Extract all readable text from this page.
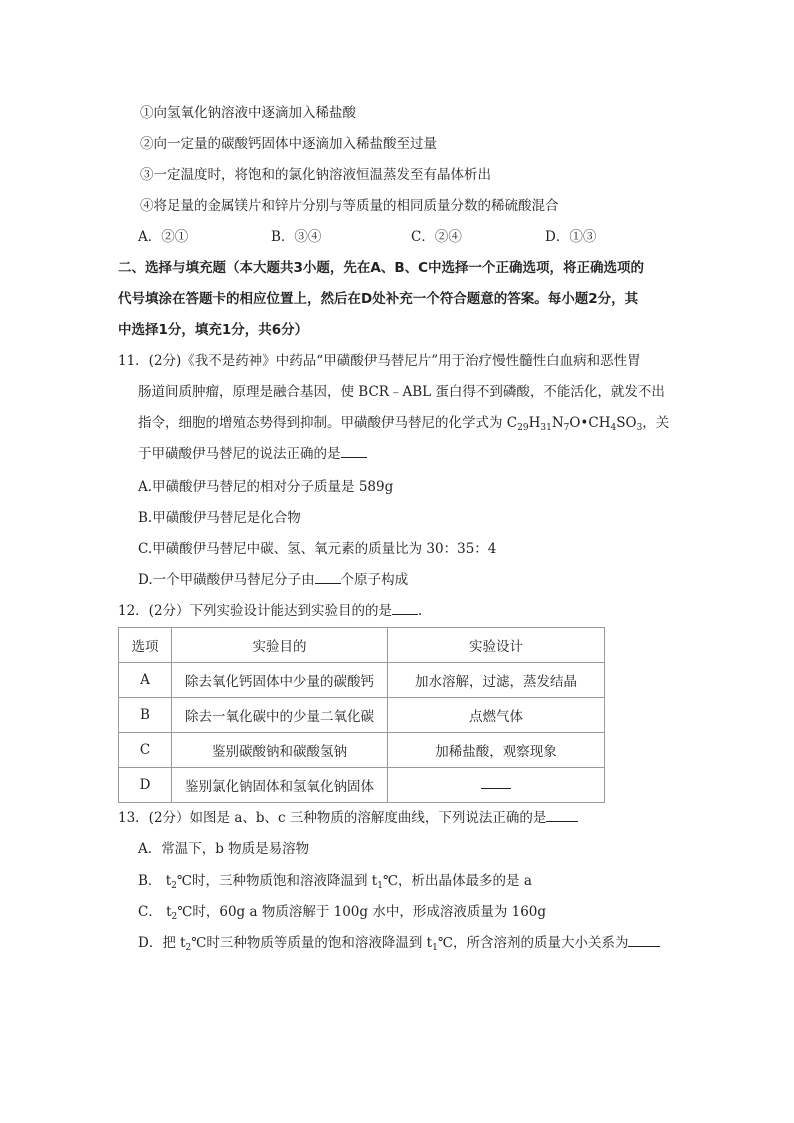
①向氢氧化钠溶液中逐滴加入稀盐酸
②向一定量的碳酸钙固体中逐滴加入稀盐酸至过量
③一定温度时，将饱和的氯化钠溶液恒温蒸发至有晶体析出
④将足量的金属镁片和锌片分别与等质量的相同质量分数的稀硫酸混合
A．②①	B．③④	C．②④	D．①③
二、选择与填充题（本大题共3小题，先在A、B、C中选择一个正确选项，将正确选项的
代号填涂在答题卡的相应位置上，然后在D处补充一个符合题意的答案。每小题2分，其
中选择1分，填充1分，共6分）
11．(2分)《我不是药神》中药品“甲磺酸伊马替尼片”用于治疗慢性髓性白血病和恶性胃
肠道间质肿瘤，原理是融合基因，使 BCR﹣ABL 蛋白得不到磷酸，不能活化，就发不出
指令，细胞的增殖态势得到抑制。甲磺酸伊马替尼的化学式为 $C_{29}H_{31}N_7O•CH_4SO_3$，关
于甲磺酸伊马替尼的说法正确的是
A.甲磺酸伊马替尼的相对分子质量是 589g
B.甲磺酸伊马替尼是化合物
C.甲磺酸伊马替尼中碳、氢、氧元素的质量比为 30：35：4
D.一个甲磺酸伊马替尼分子由 个原子构成
12．(2分）下列实验设计能达到实验目的的是 .
选项	实验目的	实验设计
A	除去氧化钙固体中少量的碳酸钙	加水溶解，过滤，蒸发结晶
B	除去一氧化碳中的少量二氧化碳	点燃气体
C	鉴别碳酸钠和碳酸氢钠	加稀盐酸，观察现象
D	鉴别氯化钠固体和氢氧化钠固体	
13．(2分）如图是 a、b、c 三种物质的溶解度曲线，下列说法正确的是
A．常温下，b 物质是易溶物
B． $t_2℃$时，三种物质饱和溶液降温到 $t_1℃$，析出晶体最多的是 a
C． $t_2℃$时，60g a 物质溶解于 100g 水中，形成溶液质量为 160g
D．把 $t_2℃$时三种物质等质量的饱和溶液降温到 $t_1℃$，所含溶剂的质量大小关系为
